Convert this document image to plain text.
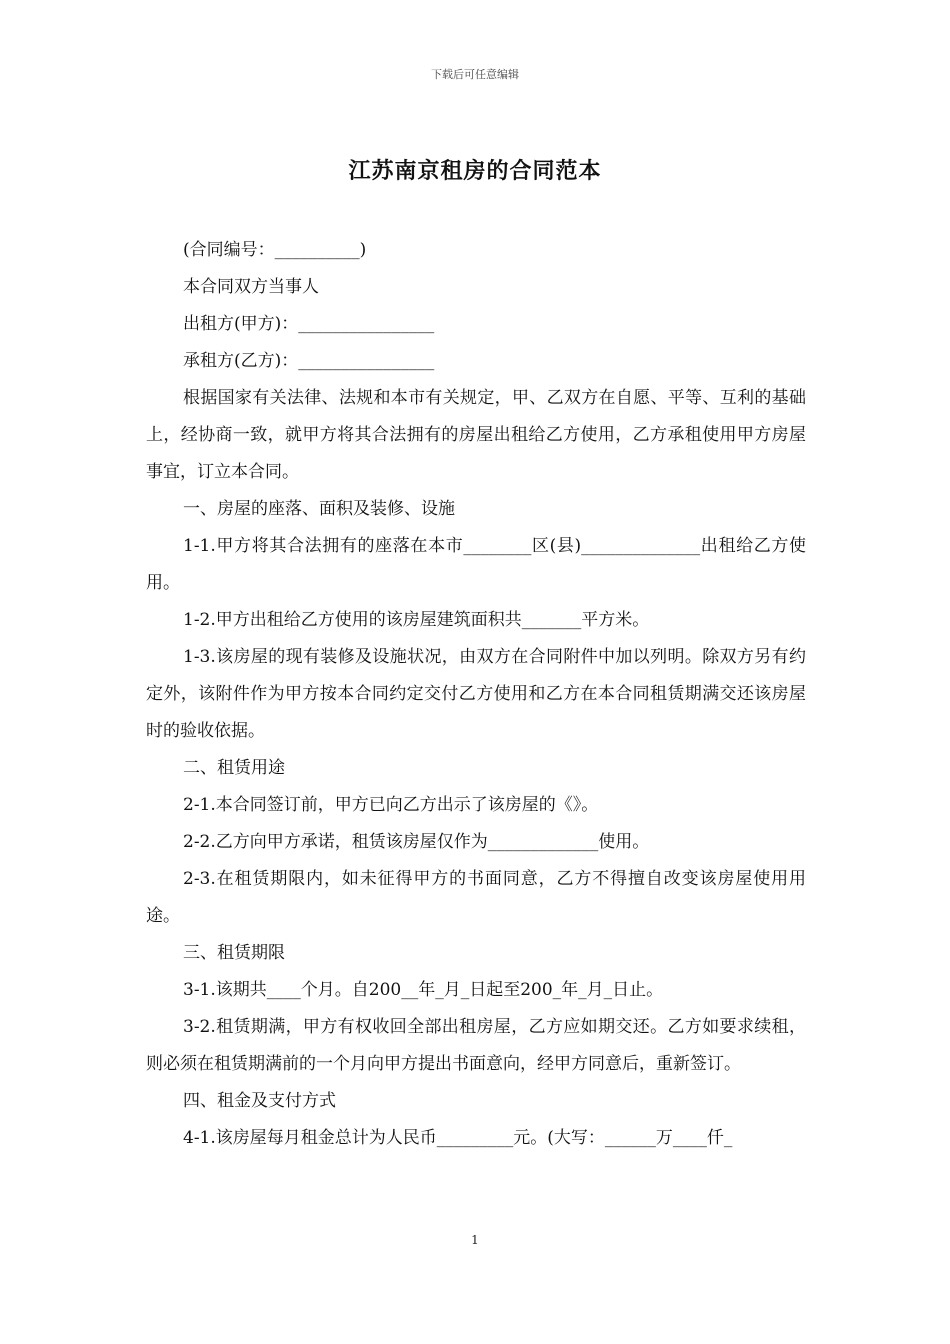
下载后可任意编辑
江苏南京租房的合同范本

(合同编号：__________)

本合同双方当事人

出租方(甲方)：________________

承租方(乙方)：________________

根据国家有关法律、法规和本市有关规定，甲、乙双方在自愿、平等、互利的基础上，经协商一致，就甲方将其合法拥有的房屋出租给乙方使用，乙方承租使用甲方房屋事宜，订立本合同。

一、房屋的座落、面积及装修、设施

1-1.甲方将其合法拥有的座落在本市________区(县)______________出租给乙方使用。

1-2.甲方出租给乙方使用的该房屋建筑面积共_______平方米。

1-3.该房屋的现有装修及设施状况，由双方在合同附件中加以列明。除双方另有约定外，该附件作为甲方按本合同约定交付乙方使用和乙方在本合同租赁期满交还该房屋时的验收依据。

二、租赁用途

2-1.本合同签订前，甲方已向乙方出示了该房屋的《》。

2-2.乙方向甲方承诺，租赁该房屋仅作为_____________使用。

2-3.在租赁期限内，如未征得甲方的书面同意，乙方不得擅自改变该房屋使用用途。

三、租赁期限

3-1.该期共____个月。自200__年_月_日起至200_年_月_日止。

3-2.租赁期满，甲方有权收回全部出租房屋，乙方应如期交还。乙方如要求续租，则必须在租赁期满前的一个月向甲方提出书面意向，经甲方同意后，重新签订。

四、租金及支付方式

4-1.该房屋每月租金总计为人民币_________元。(大写：______万____仟_

1
